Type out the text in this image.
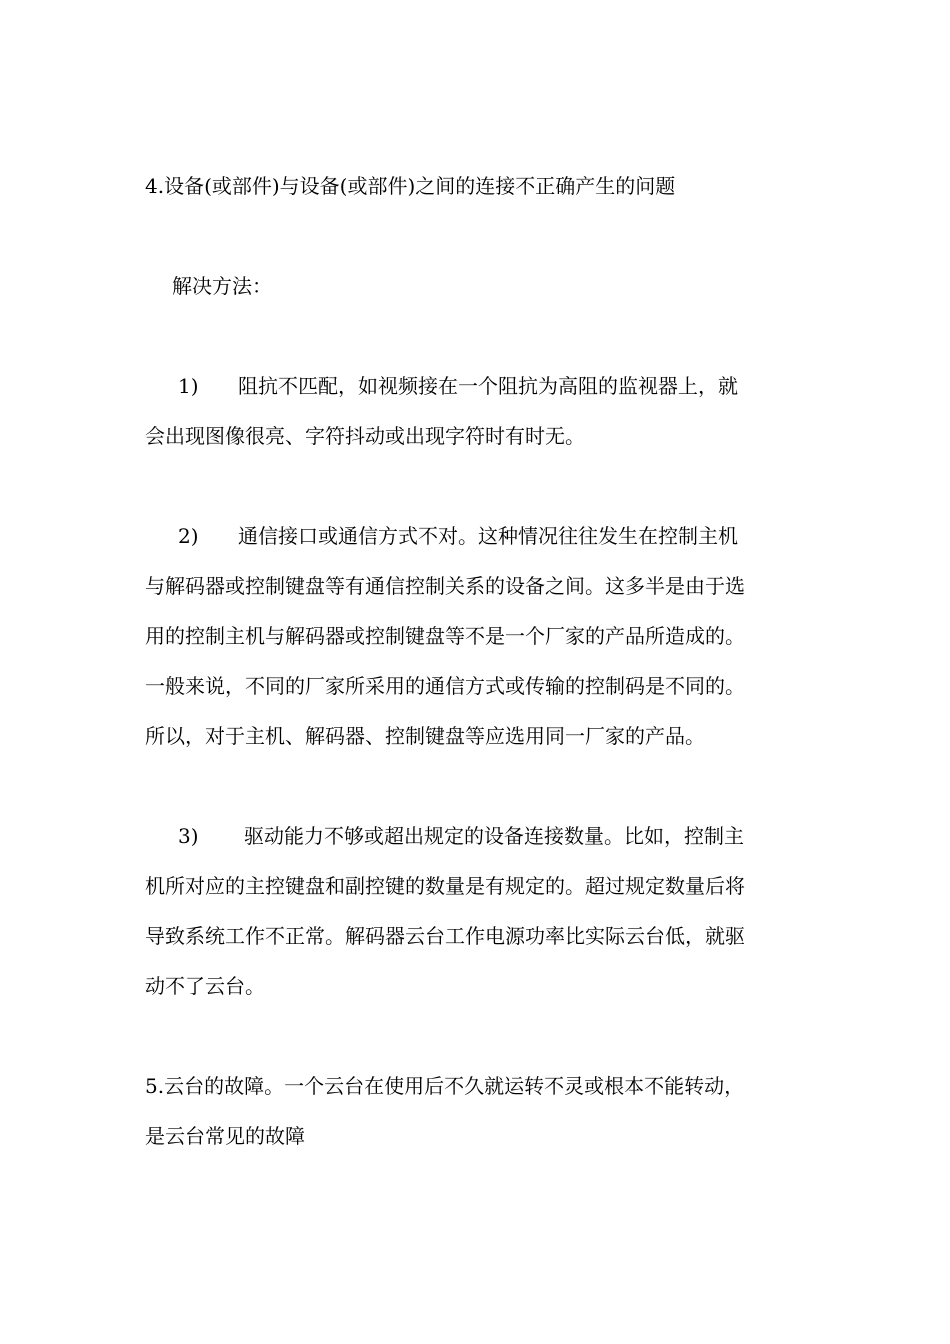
4.设备(或部件)与设备(或部件)之间的连接不正确产生的问题
解决方法：
1) 阻抗不匹配，如视频接在一个阻抗为高阻的监视器上，就
会出现图像很亮、字符抖动或出现字符时有时无。
2) 通信接口或通信方式不对。这种情况往往发生在控制主机
与解码器或控制键盘等有通信控制关系的设备之间。这多半是由于选
用的控制主机与解码器或控制键盘等不是一个厂家的产品所造成的。
一般来说，不同的厂家所采用的通信方式或传输的控制码是不同的。
所以，对于主机、解码器、控制键盘等应选用同一厂家的产品。
3) 驱动能力不够或超出规定的设备连接数量。比如，控制主
机所对应的主控键盘和副控键的数量是有规定的。超过规定数量后将
导致系统工作不正常。解码器云台工作电源功率比实际云台低，就驱
动不了云台。
5.云台的故障。一个云台在使用后不久就运转不灵或根本不能转动，
是云台常见的故障
